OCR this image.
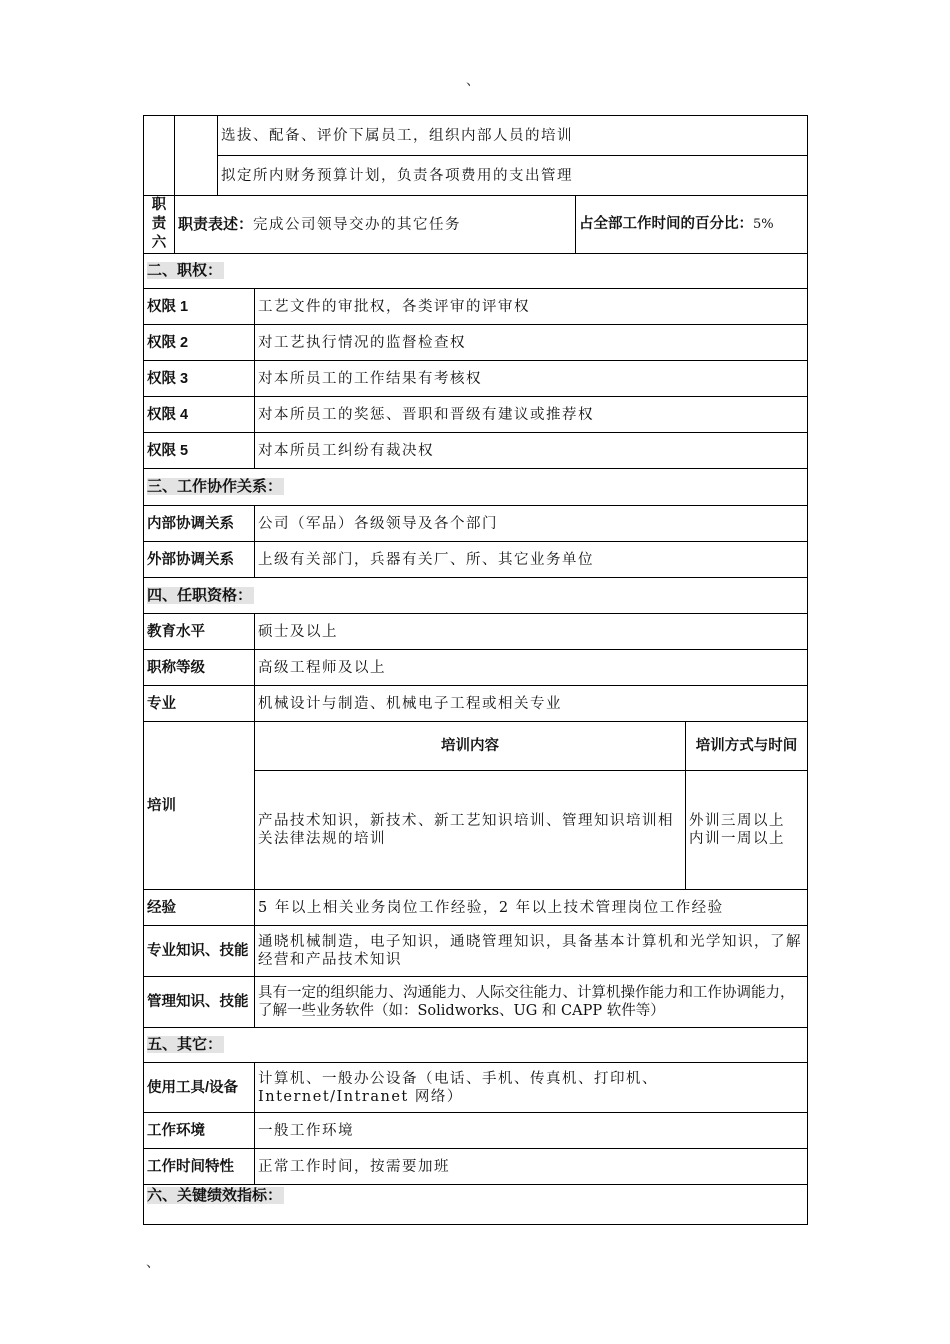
、
		选拔、配备、评价下属员工，组织内部人员的培训			
		拟定所内财务预算计划，负责各项费用的支出管理			
职责六	职责表述：完成公司领导交办的其它任务			占全部工作时间的百分比：5%	
二、职权：					
权限 1			工艺文件的审批权，各类评审的评审权		
权限 2			对工艺执行情况的监督检查权		
权限 3			对本所员工的工作结果有考核权		
权限 4			对本所员工的奖惩、晋职和晋级有建议或推荐权		
权限 5			对本所员工纠纷有裁决权		
三、工作协作关系：					
内部协调关系			公司（军品）各级领导及各个部门		
外部协调关系			上级有关部门，兵器有关厂、所、其它业务单位		
四、任职资格：					
教育水平			硕士及以上		
职称等级			高级工程师及以上		
专业			机械设计与制造、机械电子工程或相关专业		
培训			培训内容		培训方式与时间
			产品技术知识，新技术、新工艺知识培训、管理知识培训相关法律法规的培训		外训三周以上
内训一周以上

经验			5 年以上相关业务岗位工作经验，2 年以上技术管理岗位工作经验		
专业知识、技能			通晓机械制造，电子知识，通晓管理知识，具备基本计算机和光学知识，了解经营和产品技术知识		
管理知识、技能			具有一定的组织能力、沟通能力、人际交往能力、计算机操作能力和工作协调能力，了解一些业务软件（如：Solidworks、UG 和 CAPP 软件等）		
五、其它：					
使用工具/设备			计算机、一般办公设备（电话、手机、传真机、打印机、Internet/Intranet 网络）		
工作环境			一般工作环境		
工作时间特性			正常工作时间，按需要加班		
六、关键绩效指标：					
、
